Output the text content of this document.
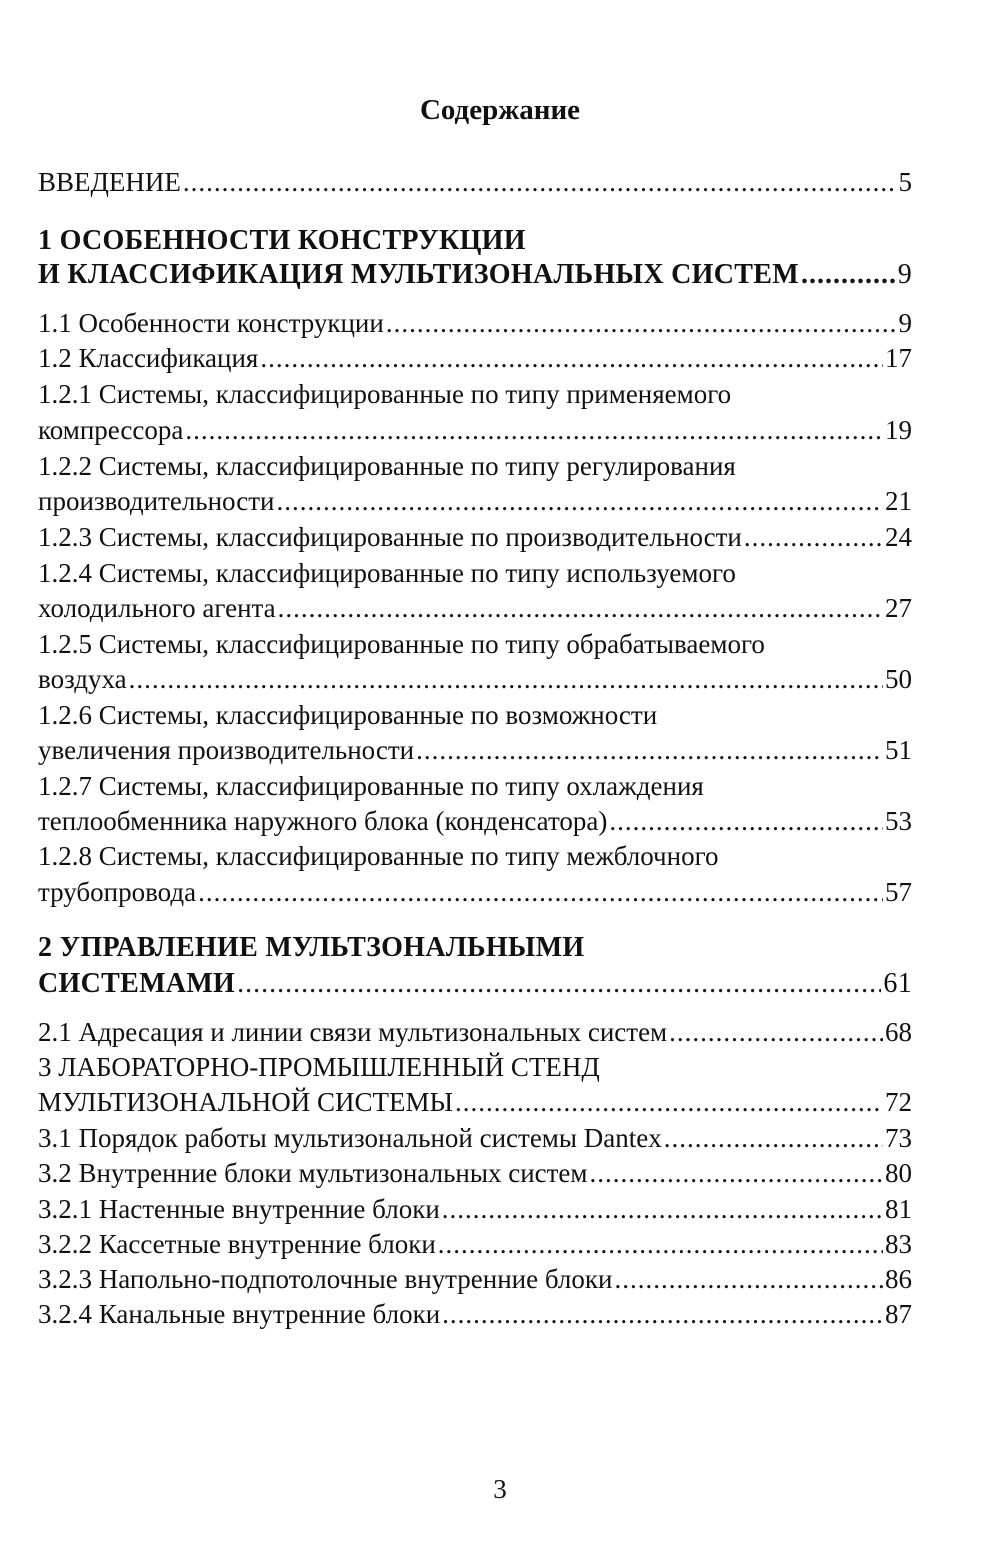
Содержание
ВВЕДЕНИЕ .....	5
1 ОСОБЕННОСТИ КОНСТРУКЦИИ
И КЛАССИФИКАЦИЯ МУЛЬТИЗОНАЛЬНЫХ СИСТЕМ .....	9
1.1 Особенности конструкции .....	9
1.2 Классификация .....	17
1.2.1 Системы, классифицированные по типу применяемого
компрессора .....	19
1.2.2 Системы, классифицированные по типу регулирования
производительности .....	21
1.2.3 Системы, классифицированные по производительности .....	24
1.2.4 Системы, классифицированные по типу используемого
холодильного агента .....	27
1.2.5 Системы, классифицированные по типу обрабатываемого
воздуха .....	50
1.2.6 Системы, классифицированные по возможности
увеличения производительности .....	51
1.2.7 Системы, классифицированные по типу охлаждения
теплообменника наружного блока (конденсатора) .....	53
1.2.8 Системы, классифицированные по типу межблочного
трубопровода .....	57
2 УПРАВЛЕНИЕ МУЛЬТЗОНАЛЬНЫМИ
СИСТЕМАМИ .....	61
2.1 Адресация и линии связи мультизональных систем .....	68
3 ЛАБОРАТОРНО-ПРОМЫШЛЕННЫЙ СТЕНД
МУЛЬТИЗОНАЛЬНОЙ СИСТЕМЫ .....	72
3.1 Порядок работы мультизональной системы Dantex .....	73
3.2 Внутренние блоки мультизональных систем .....	80
3.2.1 Настенные внутренние блоки .....	81
3.2.2 Кассетные внутренние блоки .....	83
3.2.3 Напольно-подпотолочные внутренние блоки .....	86
3.2.4 Канальные внутренние блоки .....	87
3
